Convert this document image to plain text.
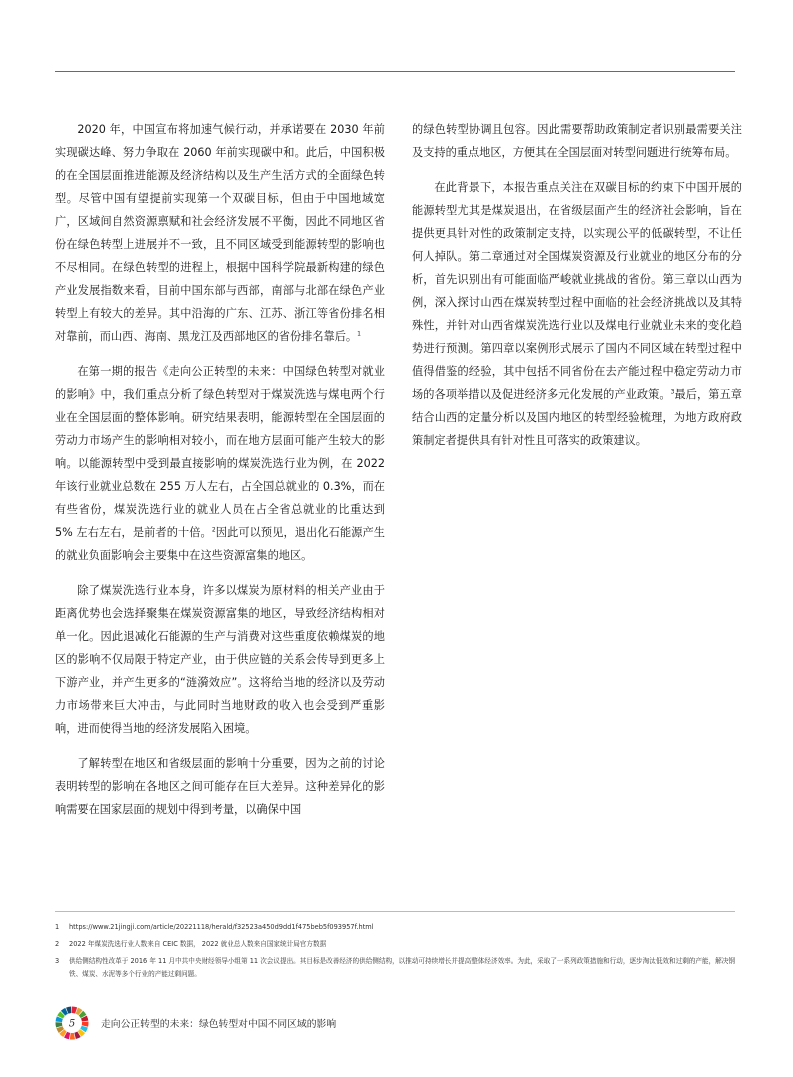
2020 年，中国宣布将加速气候行动，并承诺要在 2030 年前实现碳达峰、努力争取在 2060 年前实现碳中和。此后，中国积极的在全国层面推进能源及经济结构以及生产生活方式的全面绿色转型。尽管中国有望提前实现第一个双碳目标，但由于中国地域宽广，区域间自然资源禀赋和社会经济发展不平衡，因此不同地区省份在绿色转型上进展并不一致，且不同区域受到能源转型的影响也不尽相同。在绿色转型的进程上，根据中国科学院最新构建的绿色产业发展指数来看，目前中国东部与西部，南部与北部在绿色产业转型上有较大的差异。其中沿海的广东、江苏、浙江等省份排名相对靠前，而山西、海南、黑龙江及西部地区的省份排名靠后。$^1$

在第一期的报告《走向公正转型的未来：中国绿色转型对就业的影响》中，我们重点分析了绿色转型对于煤炭洗选与煤电两个行业在全国层面的整体影响。研究结果表明，能源转型在全国层面的劳动力市场产生的影响相对较小，而在地方层面可能产生较大的影响。以能源转型中受到最直接影响的煤炭洗选行业为例，在 2022 年该行业就业总数在 255 万人左右，占全国总就业的 0.3%，而在有些省份，煤炭洗选行业的就业人员在占全省总就业的比重达到 5% 左右左右，是前者的十倍。$^2$因此可以预见，退出化石能源产生的就业负面影响会主要集中在这些资源富集的地区。

除了煤炭洗选行业本身，许多以煤炭为原材料的相关产业由于距离优势也会选择聚集在煤炭资源富集的地区，导致经济结构相对单一化。因此退减化石能源的生产与消费对这些重度依赖煤炭的地区的影响不仅局限于特定产业，由于供应链的关系会传导到更多上下游产业，并产生更多的“涟漪效应”。这将给当地的经济以及劳动力市场带来巨大冲击，与此同时当地财政的收入也会受到严重影响，进而使得当地的经济发展陷入困境。

了解转型在地区和省级层面的影响十分重要，因为之前的讨论表明转型的影响在各地区之间可能存在巨大差异。这种差异化的影响需要在国家层面的规划中得到考量，以确保中国

的绿色转型协调且包容。因此需要帮助政策制定者识别最需要关注及支持的重点地区，方便其在全国层面对转型问题进行统筹布局。

在此背景下，本报告重点关注在双碳目标的约束下中国开展的能源转型尤其是煤炭退出，在省级层面产生的经济社会影响，旨在提供更具针对性的政策制定支持，以实现公平的低碳转型，不让任何人掉队。第二章通过对全国煤炭资源及行业就业的地区分布的分析，首先识别出有可能面临严峻就业挑战的省份。第三章以山西为例，深入探讨山西在煤炭转型过程中面临的社会经济挑战以及其特殊性，并针对山西省煤炭洗选行业以及煤电行业就业未来的变化趋势进行预测。第四章以案例形式展示了国内不同区域在转型过程中值得借鉴的经验，其中包括不同省份在去产能过程中稳定劳动力市场的各项举措以及促进经济多元化发展的产业政策。$^3$最后，第五章结合山西的定量分析以及国内地区的转型经验梳理，为地方政府政策制定者提供具有针对性且可落实的政策建议。

1	https://www.21jingji.com/article/20221118/herald/f32523a450d9dd1f475beb5f093957f.html
2	2022 年煤炭洗选行业人数来自 CEIC 数据， 2022 就业总人数来自国家统计局官方数据
3	供给侧结构性改革于 2016 年 11 月中共中央财经领导小组第 11 次会议提出。其目标是改善经济的供给侧结构，以推动可持续增长并提高整体经济效率。为此，采取了一系列政策措施和行动，逐步淘汰低效和过剩的产能，解决钢铁、煤炭、水泥等多个行业的产能过剩问题。
5	走向公正转型的未来：绿色转型对中国不同区域的影响
